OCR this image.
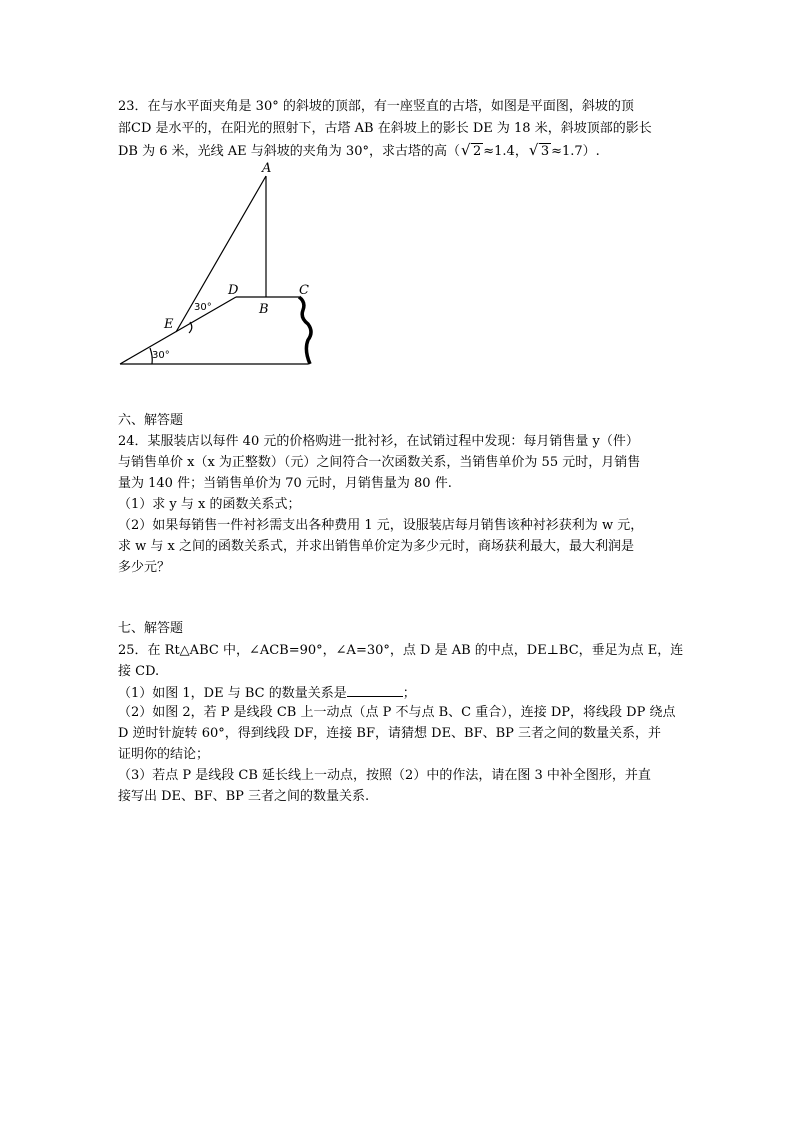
23．在与水平面夹角是 30° 的斜坡的顶部，有一座竖直的古塔，如图是平面图，斜坡的顶
部CD 是水平的，在阳光的照射下，古塔 AB 在斜坡上的影长 DE 为 18 米，斜坡顶部的影长
DB 为 6 米，光线 AE 与斜坡的夹角为 30°，求古塔的高（ √ 2 ≈1.4， √ 3 ≈1.7）.
A
D
B
C
E
30°
30°
六、解答题
24．某服装店以每件 40 元的价格购进一批衬衫，在试销过程中发现：每月销售量 y（件）
与销售单价 x（x 为正整数）（元）之间符合一次函数关系，当销售单价为 55 元时，月销售
量为 140 件；当销售单价为 70 元时，月销售量为 80 件.
（1）求 y 与 x 的函数关系式；
（2）如果每销售一件衬衫需支出各种费用 1 元，设服装店每月销售该种衬衫获利为 w 元，
求 w 与 x 之间的函数关系式，并求出销售单价定为多少元时，商场获利最大，最大利润是
多少元？
七、解答题
25．在 Rt△ABC 中，∠ACB=90°，∠A=30°，点 D 是 AB 的中点，DE⊥BC，垂足为点 E，连
接 CD.
（1）如图 1，DE 与 BC 的数量关系是	；
（2）如图 2，若 P 是线段 CB 上一动点（点 P 不与点 B、C 重合），连接 DP，将线段 DP 绕点
D 逆时针旋转 60°，得到线段 DF，连接 BF，请猜想 DE、BF、BP 三者之间的数量关系，并
证明你的结论；
（3）若点 P 是线段 CB 延长线上一动点，按照（2）中的作法，请在图 3 中补全图形，并直
接写出 DE、BF、BP 三者之间的数量关系.
